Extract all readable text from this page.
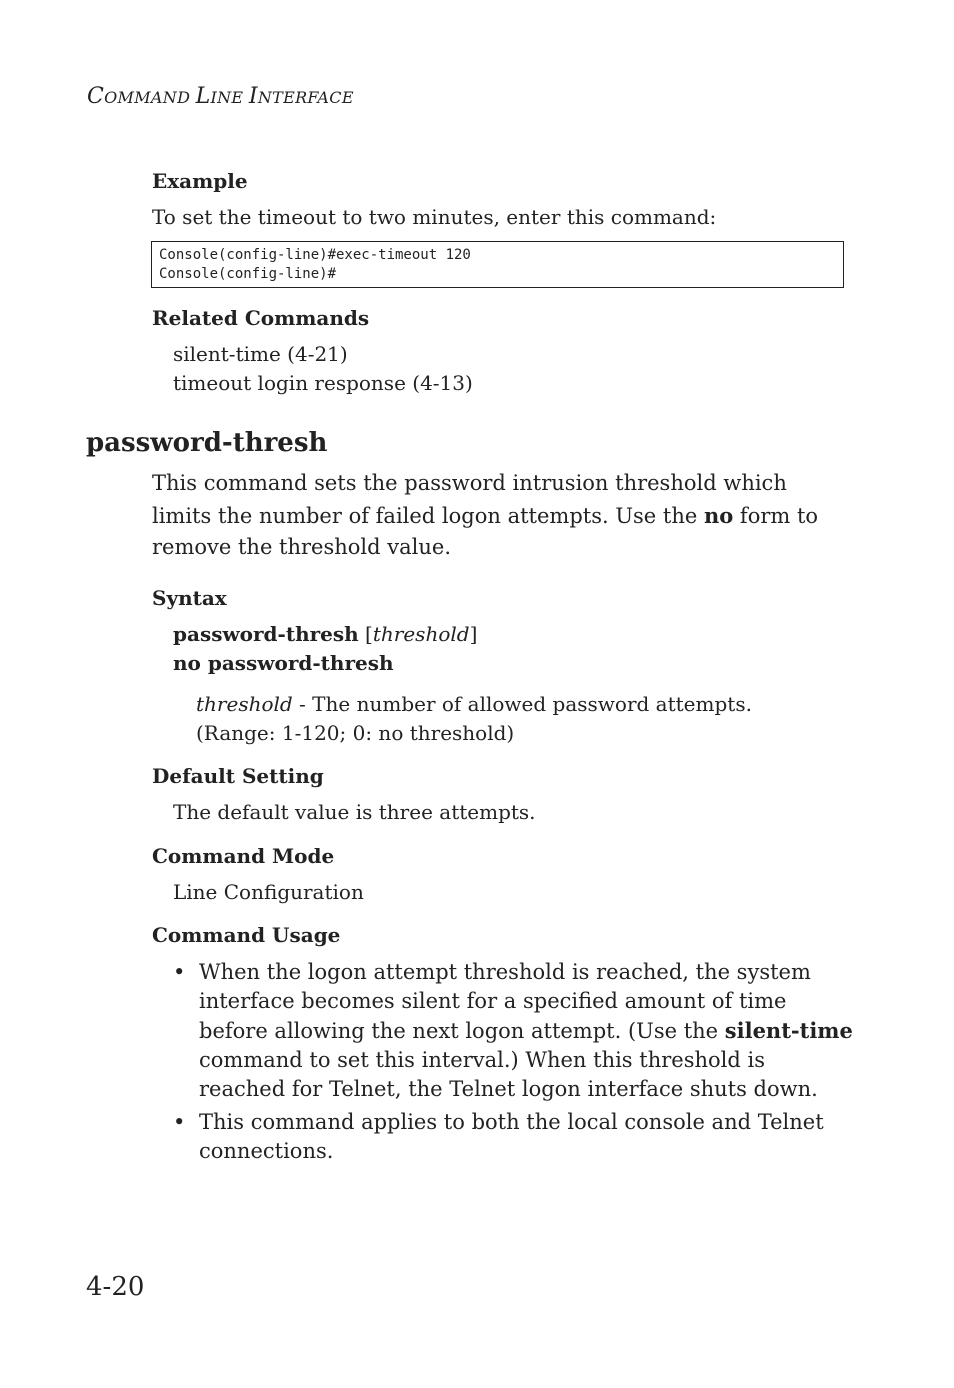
COMMAND LINE INTERFACE
Example
To set the timeout to two minutes, enter this command:
Console(config-line)#exec-timeout 120
Console(config-line)#
Related Commands
silent-time (4-21)
timeout login response (4-13)
password-thresh
This command sets the password intrusion threshold which limits the number of failed logon attempts. Use the no form to remove the threshold value.
Syntax
password-thresh [threshold]
no password-thresh
threshold - The number of allowed password attempts.
(Range: 1-120; 0: no threshold)
Default Setting
The default value is three attempts.
Command Mode
Line Configuration
Command Usage
• When the logon attempt threshold is reached, the system interface becomes silent for a specified amount of time before allowing the next logon attempt. (Use the silent-time command to set this interval.) When this threshold is reached for Telnet, the Telnet logon interface shuts down.
• This command applies to both the local console and Telnet connections.
4-20
